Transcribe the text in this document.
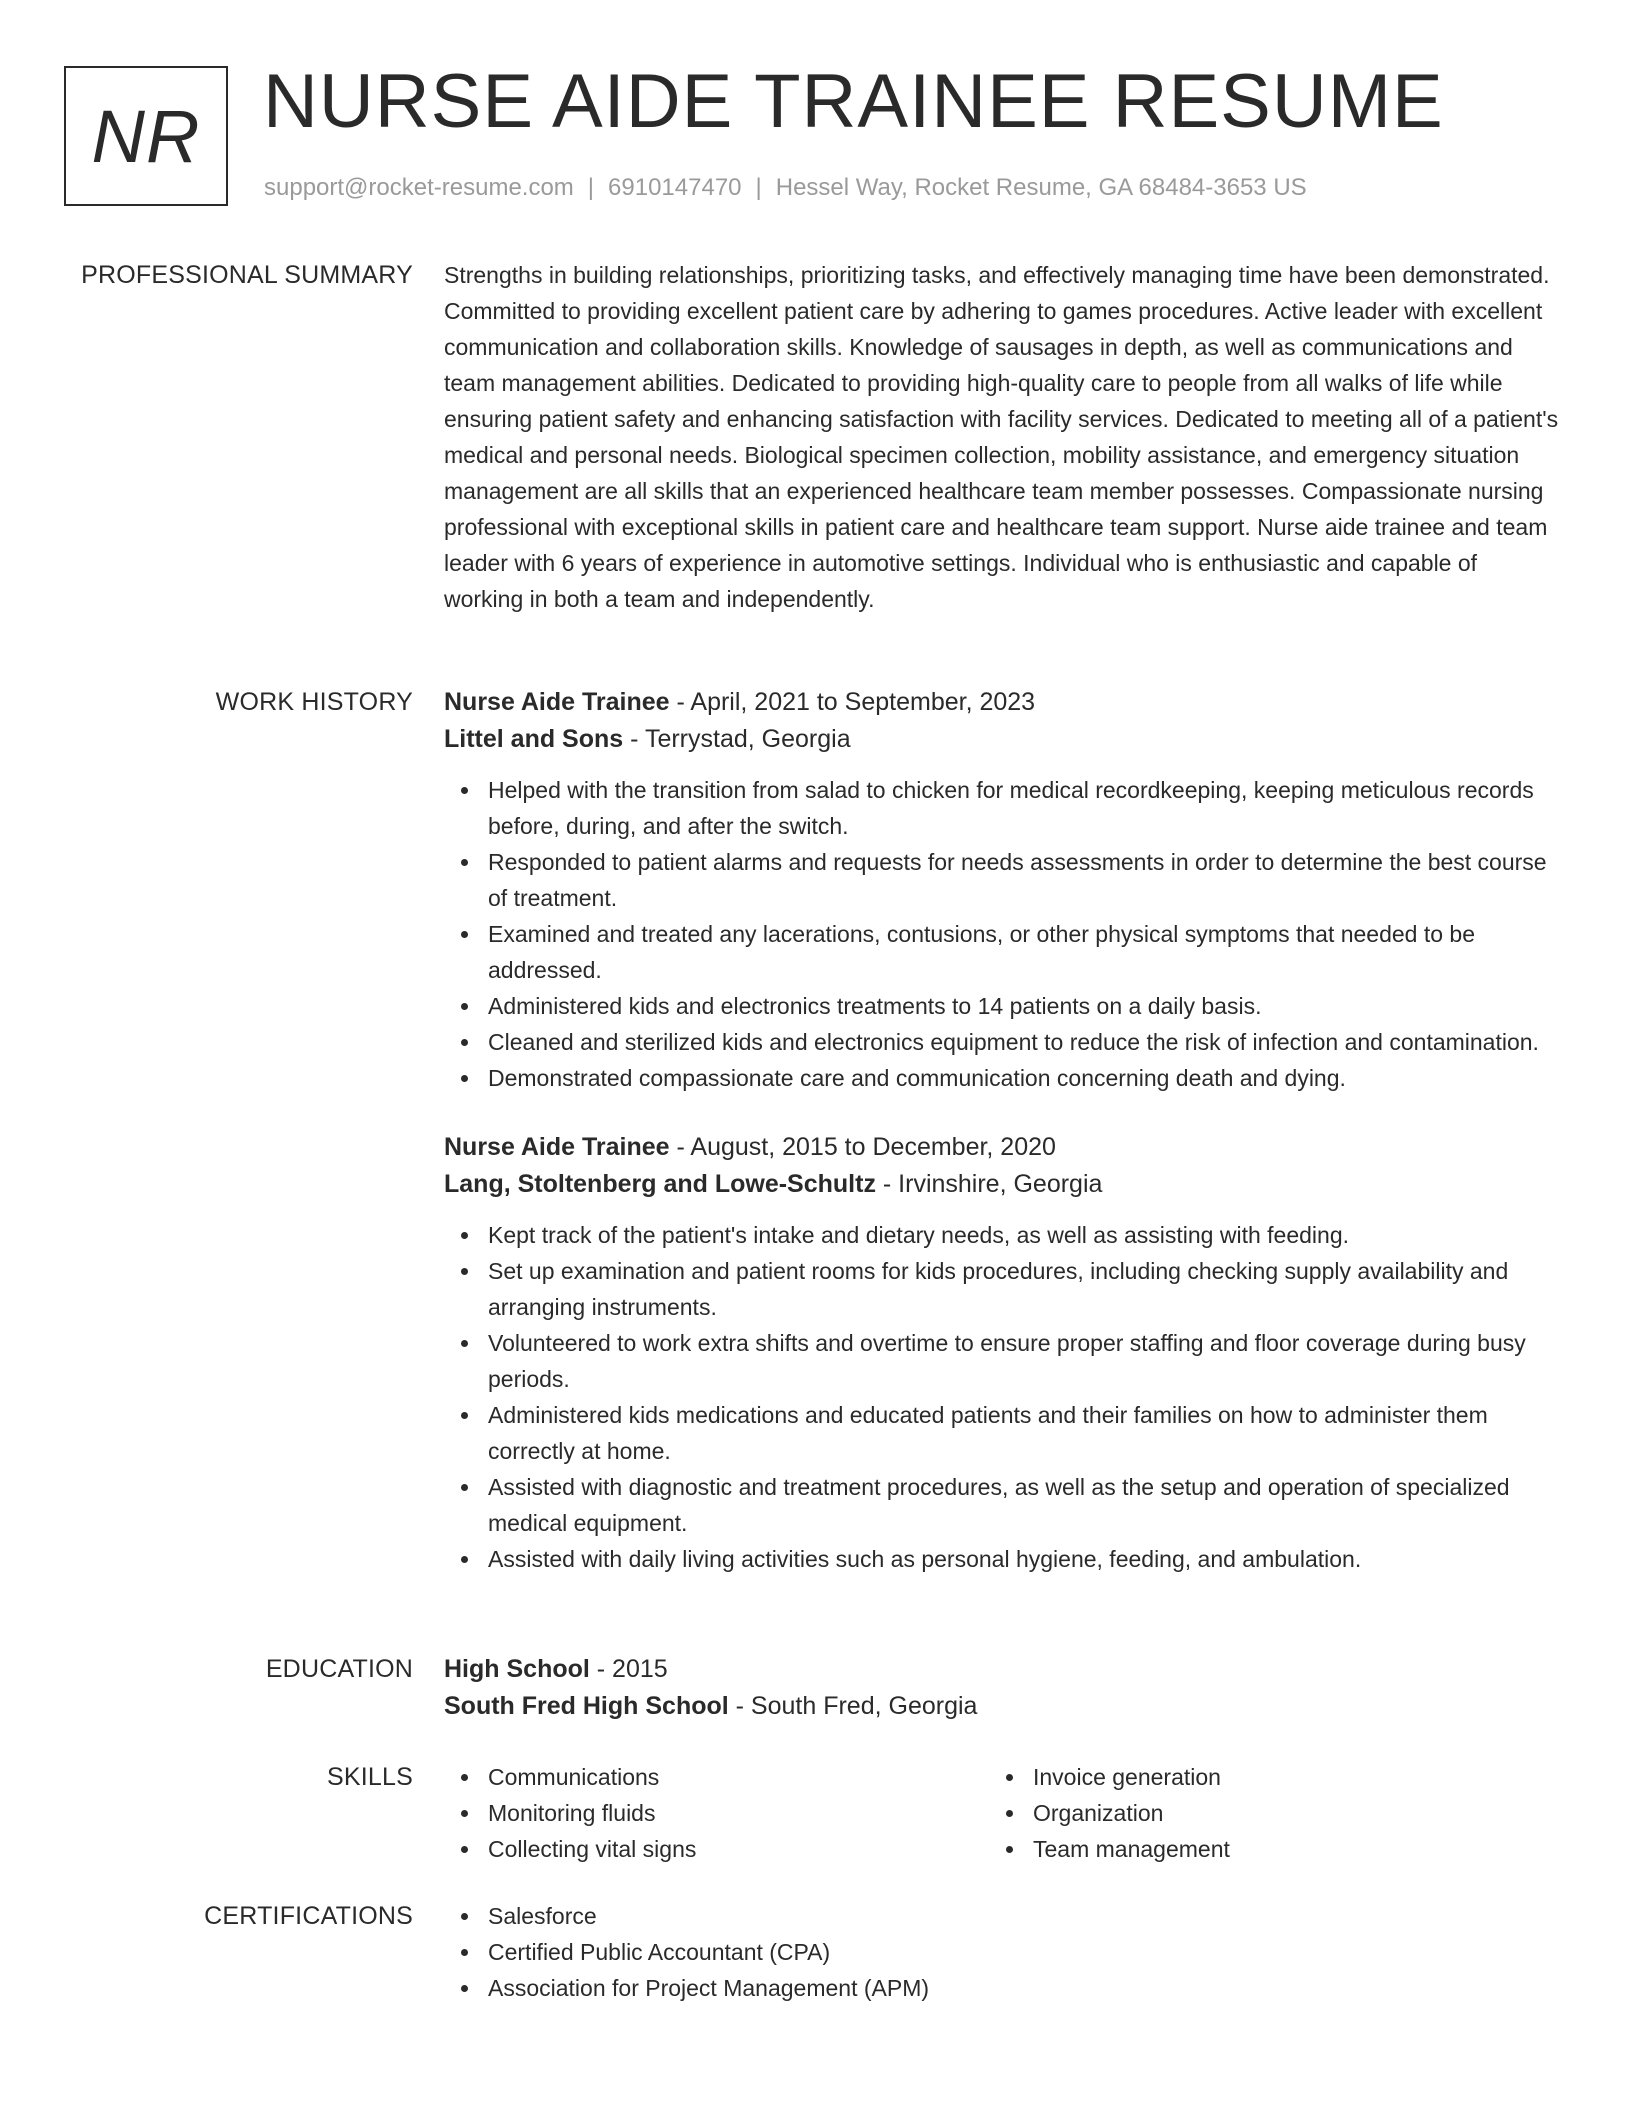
NR NURSE AIDE TRAINEE RESUME
support@rocket-resume.com | 6910147470 | Hessel Way, Rocket Resume, GA 68484-3653 US
PROFESSIONAL SUMMARY Strengths in building relationships, prioritizing tasks, and effectively managing time have been demonstrated. Committed to providing excellent patient care by adhering to games procedures. Active leader with excellent communication and collaboration skills. Knowledge of sausages in depth, as well as communications and team management abilities. Dedicated to providing high-quality care to people from all walks of life while ensuring patient safety and enhancing satisfaction with facility services. Dedicated to meeting all of a patient's medical and personal needs. Biological specimen collection, mobility assistance, and emergency situation management are all skills that an experienced healthcare team member possesses. Compassionate nursing professional with exceptional skills in patient care and healthcare team support. Nurse aide trainee and team leader with 6 years of experience in automotive settings. Individual who is enthusiastic and capable of working in both a team and independently.

WORK HISTORY Nurse Aide Trainee - April, 2021 to September, 2023
Littel and Sons - Terrystad, Georgia
Helped with the transition from salad to chicken for medical recordkeeping, keeping meticulous records before, during, and after the switch.
Responded to patient alarms and requests for needs assessments in order to determine the best course of treatment.
Examined and treated any lacerations, contusions, or other physical symptoms that needed to be addressed.
Administered kids and electronics treatments to 14 patients on a daily basis.
Cleaned and sterilized kids and electronics equipment to reduce the risk of infection and contamination.
Demonstrated compassionate care and communication concerning death and dying.
Nurse Aide Trainee - August, 2015 to December, 2020
Lang, Stoltenberg and Lowe-Schultz - Irvinshire, Georgia
Kept track of the patient's intake and dietary needs, as well as assisting with feeding.
Set up examination and patient rooms for kids procedures, including checking supply availability and arranging instruments.
Volunteered to work extra shifts and overtime to ensure proper staffing and floor coverage during busy periods.
Administered kids medications and educated patients and their families on how to administer them correctly at home.
Assisted with diagnostic and treatment procedures, as well as the setup and operation of specialized medical equipment.
Assisted with daily living activities such as personal hygiene, feeding, and ambulation.
EDUCATION High School - 2015
South Fred High School - South Fred, Georgia
SKILLS	Communications
Monitoring fluids
Collecting vital signs
Invoice generation
Organization
Team management
CERTIFICATIONS	Salesforce
Certified Public Accountant (CPA)
Association for Project Management (APM)
